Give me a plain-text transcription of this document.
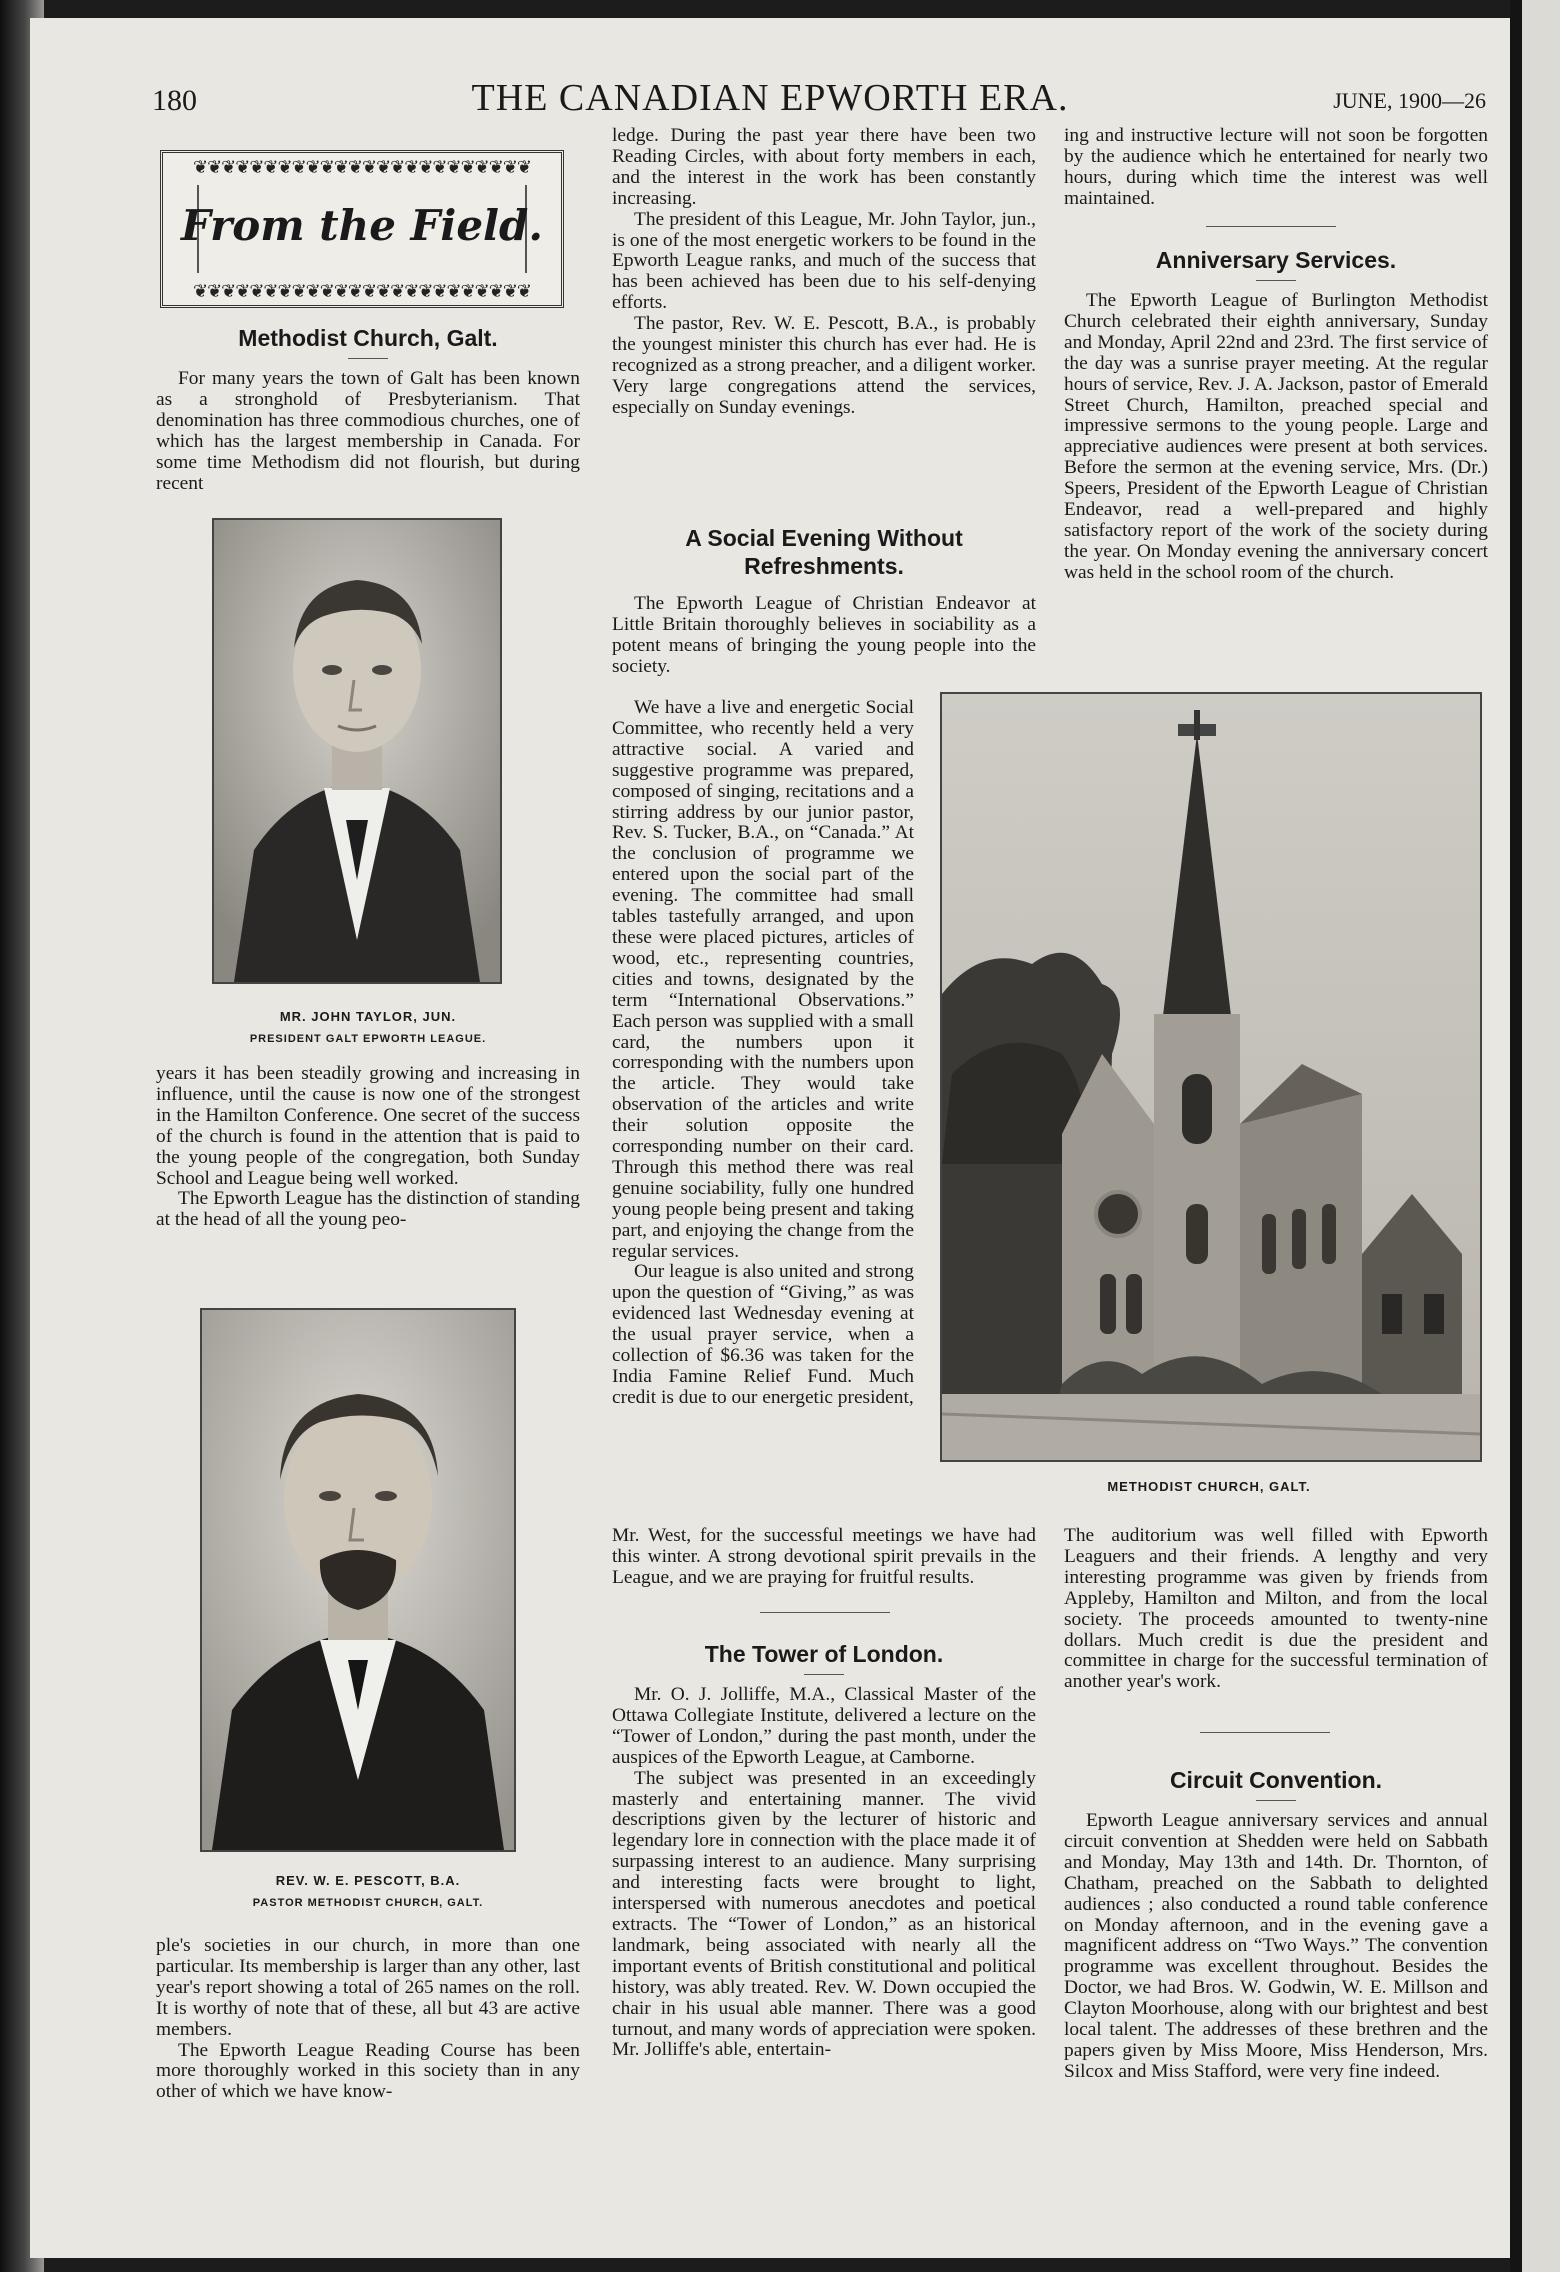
180	THE CANADIAN EPWORTH ERA.	JUNE, 1900—26
❦❦❦❦❦❦❦❦❦❦❦❦❦❦❦❦❦❦❦❦❦❦❦❦
From the Field.
❦❦❦❦❦❦❦❦❦❦❦❦❦❦❦❦❦❦❦❦❦❦❦❦
Methodist Church, Galt.

For many years the town of Galt has been known as a stronghold of Presbyterianism. That denomination has three commodious churches, one of which has the largest membership in Canada. For some time Methodism did not flourish, but during recent

MR. JOHN TAYLOR, JUN.
PRESIDENT GALT EPWORTH LEAGUE.

years it has been steadily growing and increasing in influence, until the cause is now one of the strongest in the Hamilton Conference. One secret of the success of the church is found in the attention that is paid to the young people of the congregation, both Sunday School and League being well worked.

The Epworth League has the distinction of standing at the head of all the young peo-

REV. W. E. PESCOTT, B.A.
PASTOR METHODIST CHURCH, GALT.

ple's societies in our church, in more than one particular. Its membership is larger than any other, last year's report showing a total of 265 names on the roll. It is worthy of note that of these, all but 43 are active members.

The Epworth League Reading Course has been more thoroughly worked in this society than in any other of which we have know-

ledge. During the past year there have been two Reading Circles, with about forty members in each, and the interest in the work has been constantly increasing.

The president of this League, Mr. John Taylor, jun., is one of the most energetic workers to be found in the Epworth League ranks, and much of the success that has been achieved has been due to his self-denying efforts.

The pastor, Rev. W. E. Pescott, B.A., is probably the youngest minister this church has ever had. He is recognized as a strong preacher, and a diligent worker. Very large congregations attend the services, especially on Sunday evenings.

A Social Evening Without Refreshments.

The Epworth League of Christian Endeavor at Little Britain thoroughly believes in sociability as a potent means of bringing the young people into the society.

We have a live and energetic Social Committee, who recently held a very attractive social. A varied and suggestive programme was prepared, composed of singing, recitations and a stirring address by our junior pastor, Rev. S. Tucker, B.A., on “Canada.” At the conclusion of programme we entered upon the social part of the evening. The committee had small tables tastefully arranged, and upon these were placed pictures, articles of wood, etc., representing countries, cities and towns, designated by the term “International Observations.” Each person was supplied with a small card, the numbers upon it corresponding with the numbers upon the article. They would take observation of the articles and write their solution opposite the corresponding number on their card. Through this method there was real genuine sociability, fully one hundred young people being present and taking part, and enjoying the change from the regular services.

Our league is also united and strong upon the question of “Giving,” as was evidenced last Wednesday evening at the usual prayer service, when a collection of $6.36 was taken for the India Famine Relief Fund. Much credit is due to our energetic president,

Mr. West, for the successful meetings we have had this winter. A strong devotional spirit prevails in the League, and we are praying for fruitful results.

The Tower of London.

Mr. O. J. Jolliffe, M.A., Classical Master of the Ottawa Collegiate Institute, delivered a lecture on the “Tower of London,” during the past month, under the auspices of the Epworth League, at Camborne.

The subject was presented in an exceedingly masterly and entertaining manner. The vivid descriptions given by the lecturer of historic and legendary lore in connection with the place made it of surpassing interest to an audience. Many surprising and interesting facts were brought to light, interspersed with numerous anecdotes and poetical extracts. The “Tower of London,” as an historical landmark, being associated with nearly all the important events of British constitutional and political history, was ably treated. Rev. W. Down occupied the chair in his usual able manner. There was a good turnout, and many words of appreciation were spoken. Mr. Jolliffe's able, entertain-

ing and instructive lecture will not soon be forgotten by the audience which he entertained for nearly two hours, during which time the interest was well maintained.

Anniversary Services.

The Epworth League of Burlington Methodist Church celebrated their eighth anniversary, Sunday and Monday, April 22nd and 23rd. The first service of the day was a sunrise prayer meeting. At the regular hours of service, Rev. J. A. Jackson, pastor of Emerald Street Church, Hamilton, preached special and impressive sermons to the young people. Large and appreciative audiences were present at both services. Before the sermon at the evening service, Mrs. (Dr.) Speers, President of the Epworth League of Christian Endeavor, read a well-prepared and highly satisfactory report of the work of the society during the year. On Monday evening the anniversary concert was held in the school room of the church.

METHODIST CHURCH, GALT.

The auditorium was well filled with Epworth Leaguers and their friends. A lengthy and very interesting programme was given by friends from Appleby, Hamilton and Milton, and from the local society. The proceeds amounted to twenty-nine dollars. Much credit is due the president and committee in charge for the successful termination of another year's work.

Circuit Convention.

Epworth League anniversary services and annual circuit convention at Shedden were held on Sabbath and Monday, May 13th and 14th. Dr. Thornton, of Chatham, preached on the Sabbath to delighted audiences ; also conducted a round table conference on Monday afternoon, and in the evening gave a magnificent address on “Two Ways.” The convention programme was excellent throughout. Besides the Doctor, we had Bros. W. Godwin, W. E. Millson and Clayton Moorhouse, along with our brightest and best local talent. The addresses of these brethren and the papers given by Miss Moore, Miss Henderson, Mrs. Silcox and Miss Stafford, were very fine indeed.
